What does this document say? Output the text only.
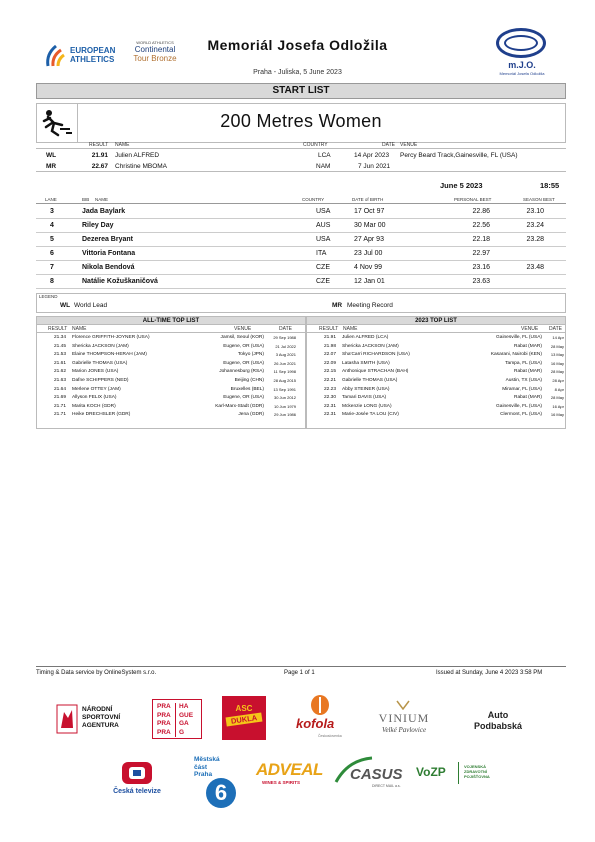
EUROPEAN
ATHLETICS
WORLD ATHLETICS
Continental
Tour Bronze
Memoriál Josefa Odložila
Praha - Juliska, 5 June 2023
m.J.O.
Memoriál Josefa Odložila
START LIST
200 Metres Women
RESULT NAME	COUNTRY	DATE VENUE
WL	21.91 Julien ALFRED	LCA	14 Apr 2023 Percy Beard Track,Gainesville, FL (USA)
MR	22.67 Christine MBOMA	NAM	7 Jun 2021
June 5 2023	18:55
LANE	BIB NAME	COUNTRY	DATE of BIRTH	PERSONAL BEST	SEASON BEST
3	Jada Baylark	USA	17 Oct 97	22.86	23.10
4	Riley Day	AUS	30 Mar 00	22.56	23.24
5	Dezerea Bryant	USA	27 Apr 93	22.18	23.28
6	Vittoria Fontana	ITA	23 Jul 00	22.97
7	Nikola Bendová	CZE	4 Nov 99	23.16	23.48
8	Natálie Kožuškaničová	CZE	12 Jan 01	23.63
LEGEND
WL World Lead	MR Meeting Record
ALL-TIME TOP LIST
RESULT NAME	VENUE	DATE
2023 TOP LIST
RESULT NAME	VENUE DATE
21.34 Florence GRIFFITH-JOYNER (USA)	Jamsil, Seoul (KOR)	29 Sep 1988
21.45 Shericka JACKSON (JAM)	Eugene, OR (USA)	21 Jul 2022
21.53 Elaine THOMPSON-HERAH (JAM)	Tokyo (JPN)	3 Aug 2021
21.61 Gabrielle THOMAS (USA)	Eugene, OR (USA)	26 Jun 2021
21.62 Marion JONES (USA)	Johannesburg (RSA)	11 Sep 1998
21.63 Dafne SCHIPPERS (NED)	Beijing (CHN)	28 Aug 2015
21.64 Merlene OTTEY (JAM)	Bruxelles (BEL)	13 Sep 1991
21.69 Allyson FELIX (USA)	Eugene, OR (USA)	30 Jun 2012
21.71 Marita KOCH (GDR)	Karl-Marx-Stadt (GDR)	10 Jun 1979
21.71 Heike DRECHSLER (GDR)	Jena (GDR)	29 Jun 1986
21.91 Julien ALFRED (LCA)	Gainesville, FL (USA)	14 Apr
21.98 Shericka JACKSON (JAM)	Rabat (MAR)	28 May
22.07 Sha'Carri RICHARDSON (USA)	Kasarani, Nairobi (KEN)	13 May
22.09 Latasha SMITH (USA)	Tampa, FL (USA)	16 May
22.15 Anthonique STRACHAN (BAH)	Rabat (MAR)	28 May
22.21 Gabrielle THOMAS (USA)	Austin, TX (USA)	28 Apr
22.23 Abby STEINER (USA)	Miramar, FL (USA)	8 Apr
22.30 Tamari DAVIS (USA)	Rabat (MAR)	28 May
22.31 Mckenzie LONG (USA)	Gainesville, FL (USA)	16 Apr
22.31 Marie-Josée TA LOU (CIV)	Clermont, FL (USA)	16 May
Timing & Data service by OnlineSystem s.r.o.	Page 1 of 1	Issued at Sunday, June 4 2023 3:58 PM
NÁRODNÍ
SPORTOVNÍ
AGENTURA
PRA
PRA
PRA
PRA
HA
GUE
GA
G
ASC
DUKLA	kofola
Českoslovenka
VINIUM
Velké Pavlovice
Auto
Podbabská
Česká televize
Městská
část
Praha
6
ADVEAL
WINES & SPIRITS	CASUS
DIRECT MAIL a.s.
VoZP	VOJENSKÁ
ZDRAVOTNÍ
POJIŠŤOVNA
